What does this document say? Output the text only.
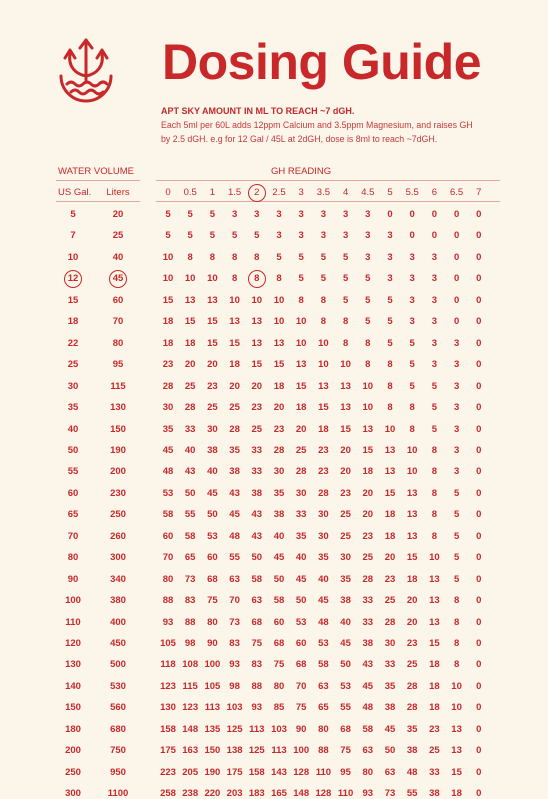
Dosing Guide
APT SKY AMOUNT IN ML TO REACH ~7 dGH.

Each 5ml per 60L adds 12ppm Calcium and 3.5ppm Magnesium, and raises GH

by 2.5 dGH. e.g for 12 Gal / 45L at 2dGH, dose is 8ml to reach ~7dGH.

WATER VOLUME	GH READING
US Gal.	Liters	0	0.5	1	1.5	2	2.5	3	3.5	4	4.5	5	5.5	6	6.5	7
5	20	5	5	5	3	3	3	3	3	3	3	0	0	0	0	0
7	25	5	5	5	5	5	3	3	3	3	3	3	0	0	0	0
10	40	10	8	8	8	8	5	5	5	5	3	3	3	3	0	0
12	45	10	10	10	8	8	8	5	5	5	5	3	3	3	0	0
15	60	15	13	13	10	10	10	8	8	5	5	5	3	3	0	0
18	70	18	15	15	13	13	10	10	8	8	5	5	3	3	0	0
22	80	18	18	15	15	13	13	10	10	8	8	5	5	3	3	0
25	95	23	20	20	18	15	15	13	10	10	8	8	5	3	3	0
30	115	28	25	23	20	20	18	15	13	13	10	8	5	5	3	0
35	130	30	28	25	25	23	20	18	15	13	10	8	8	5	3	0
40	150	35	33	30	28	25	23	20	18	15	13	10	8	5	3	0
50	190	45	40	38	35	33	28	25	23	20	15	13	10	8	3	0
55	200	48	43	40	38	33	30	28	23	20	18	13	10	8	3	0
60	230	53	50	45	43	38	35	30	28	23	20	15	13	8	5	0
65	250	58	55	50	45	43	38	33	30	25	20	18	13	8	5	0
70	260	60	58	53	48	43	40	35	30	25	23	18	13	8	5	0
80	300	70	65	60	55	50	45	40	35	30	25	20	15	10	5	0
90	340	80	73	68	63	58	50	45	40	35	28	23	18	13	5	0
100	380	88	83	75	70	63	58	50	45	38	33	25	20	13	8	0
110	400	93	88	80	73	68	60	53	48	40	33	28	20	13	8	0
120	450	105 98	90	83	75	68	60	53	45	38	30	23	15	8	0
130	500	118 108 100 93	83	75	68	58	50	43	33	25	18	8	0
140	530	123 115 105 98	88	80	70	63	53	45	35	28	18	10	0
150	560	130 123 113 103 93	85	75	65	55	48	38	28	18	10	0
180	680	158 148 135 125 113 103 90	80	68	58	45	35	23	13	0
200	750	175 163 150 138 125 113 100 88	75	63	50	38	25	13	0
250	950	223 205 190 175 158 143 128 110 95	80	63	48	33	15	0
300	1100	258 238 220 203 183 165 148 128 110 93	73	55	38	18	0
